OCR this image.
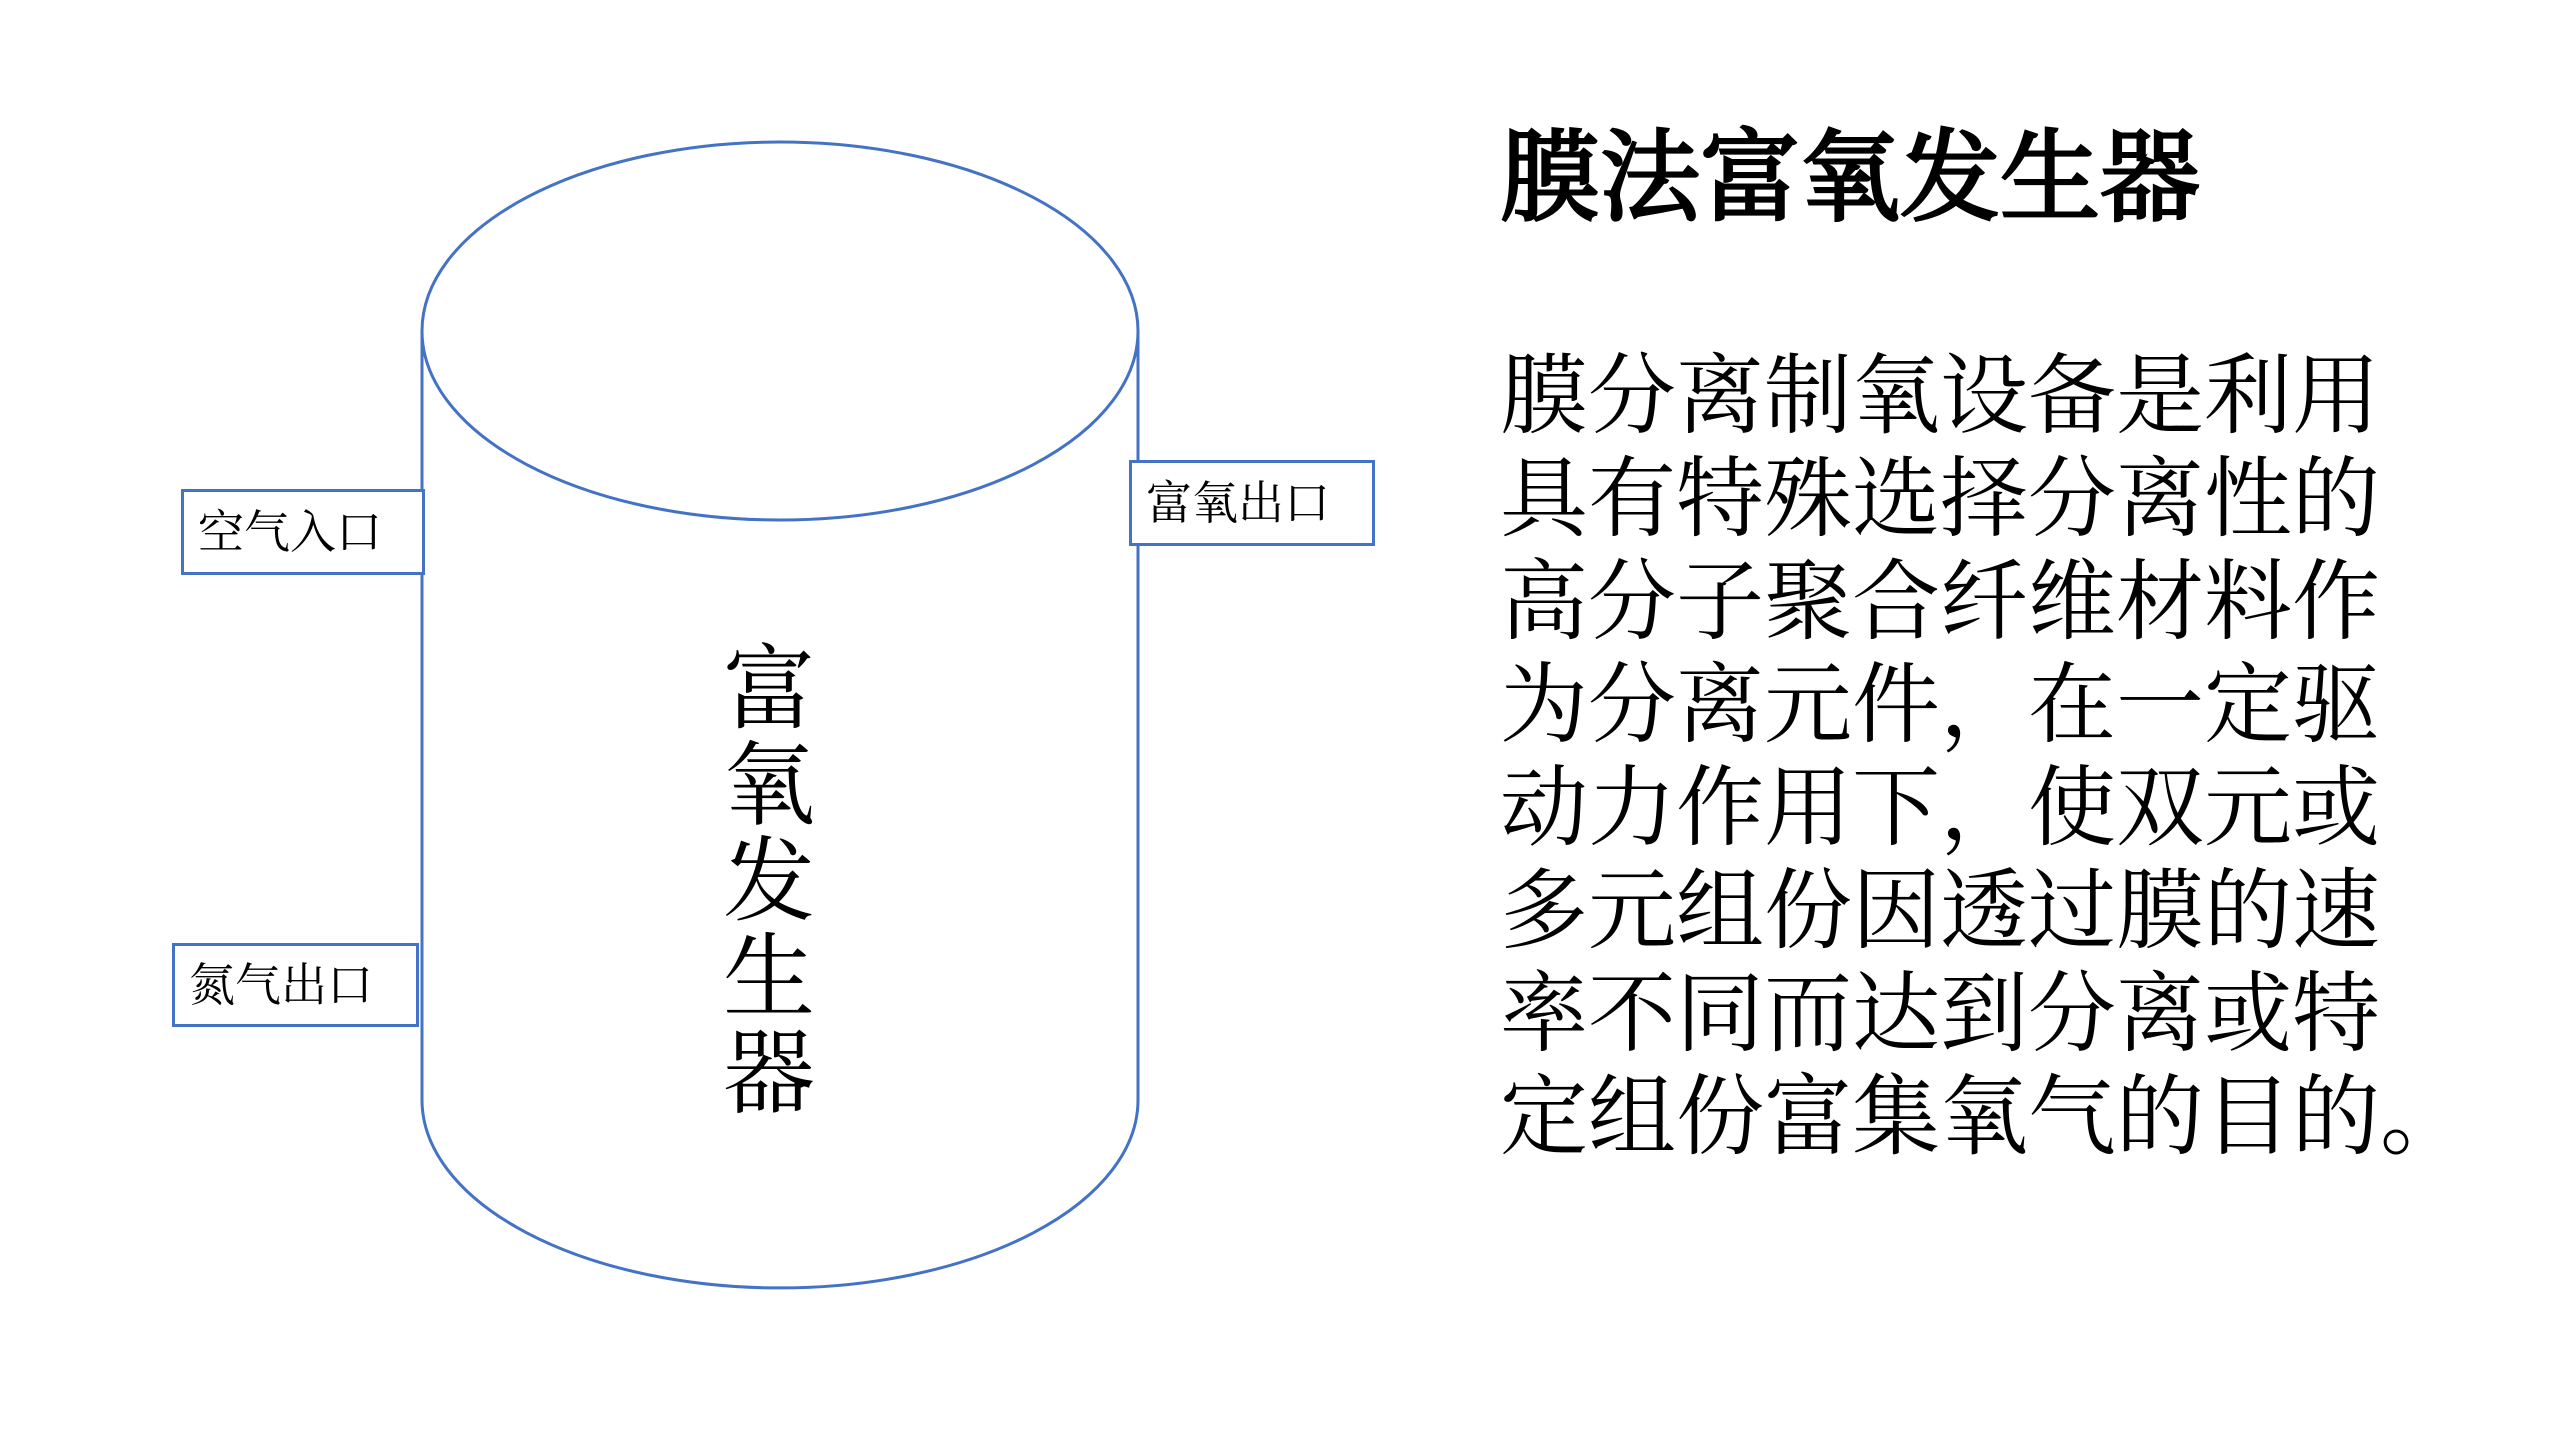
富氧发生器
空气入口
氮气出口
富氧出口
膜法富氧发生器
膜分离制氧设备是利用
具有特殊选择分离性的
高分子聚合纤维材料作
为分离元件，在一定驱
动力作用下，使双元或
多元组份因透过膜的速
率不同而达到分离或特
定组份富集氧气的目的。
